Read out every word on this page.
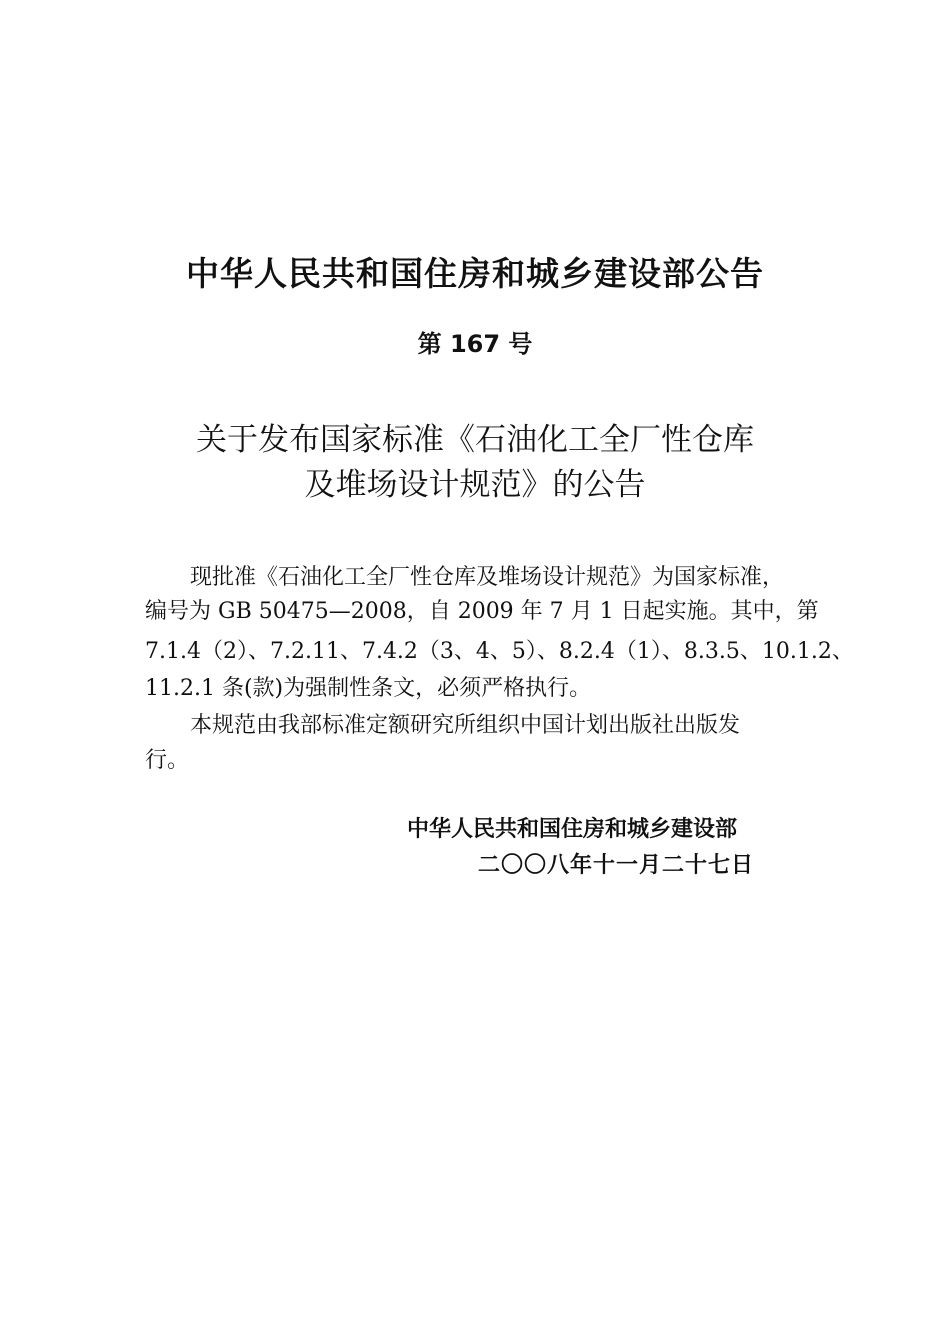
中华人民共和国住房和城乡建设部公告
第 167 号
关于发布国家标准《石油化工全厂性仓库
及堆场设计规范》的公告
现批准《石油化工全厂性仓库及堆场设计规范》为国家标准，
编号为 GB 50475—2008，自 2009 年 7 月 1 日起实施。其中，第
7.1.4（2）、7.2.11、7.4.2（3、4、5）、8.2.4（1）、8.3.5、10.1.2、
11.2.1 条(款)为强制性条文，必须严格执行。
本规范由我部标准定额研究所组织中国计划出版社出版发
行。
中华人民共和国住房和城乡建设部
二〇〇八年十一月二十七日
